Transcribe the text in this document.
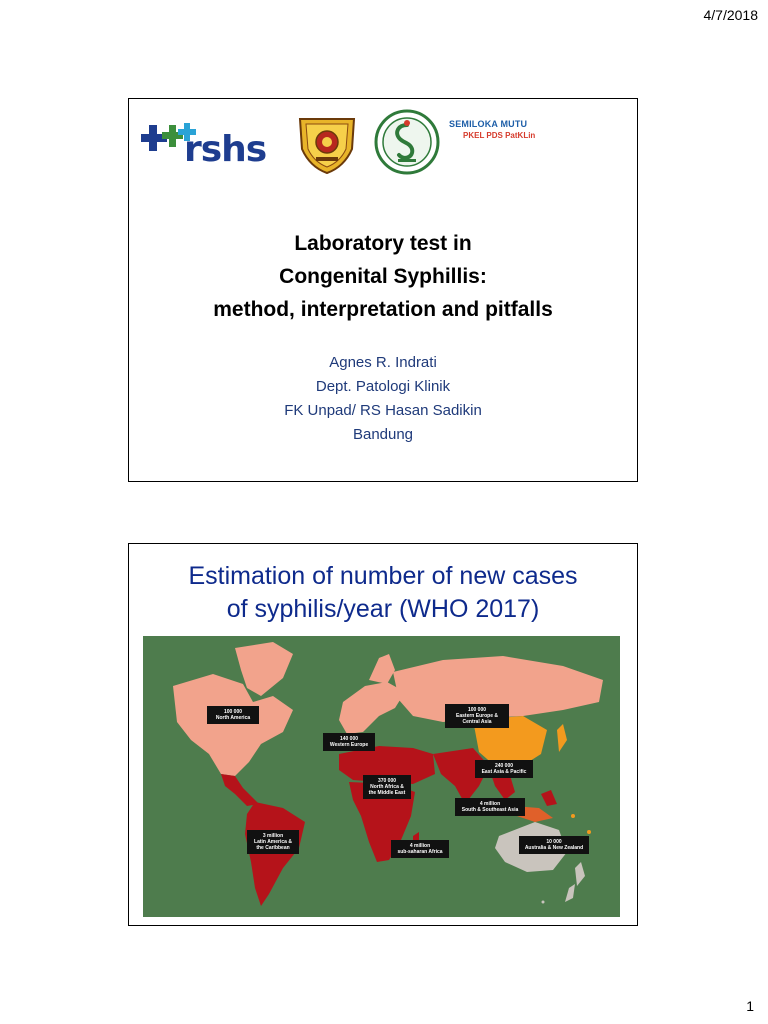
4/7/2018
rshs
SEMILOKA MUTU
PKEL PDS PatKLin
Laboratory test in
Congenital Syphillis:
method, interpretation and pitfalls
Agnes R. Indrati
Dept. Patologi Klinik
FK Unpad/ RS Hasan Sadikin
Bandung
Estimation of number of new cases
of syphilis/year (WHO 2017)
100 000
North America
140 000
Western Europe
100 000
Eastern Europe & Central Asia
240 000
East Asia & Pacific
370 000
North Africa & the Middle East
4 million
South & Southeast Asia
3 million
Latin America & the Caribbean	4 million
sub-saharan Africa
10 000
Australia & New Zealand
1
